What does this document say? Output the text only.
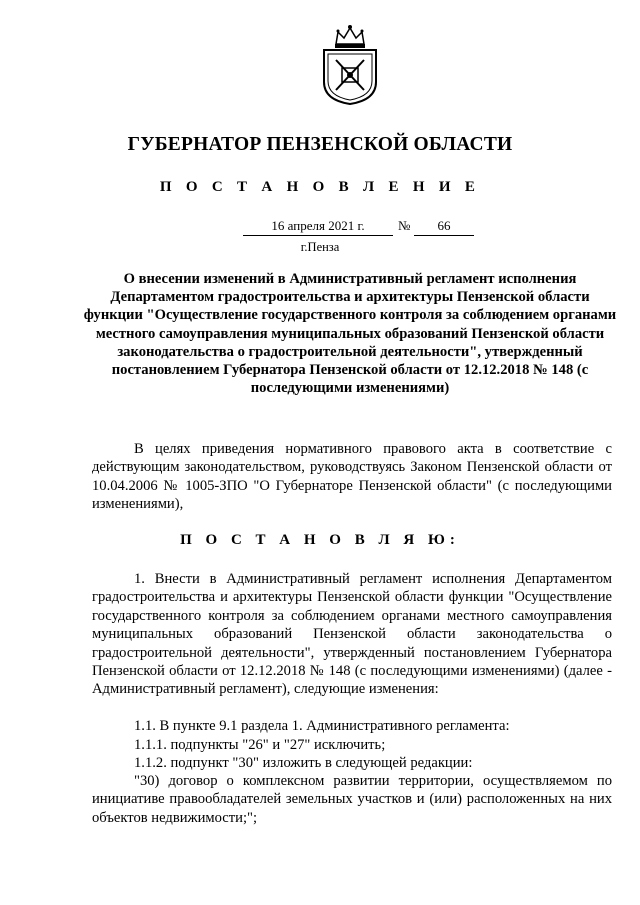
ГУБЕРНАТОР ПЕНЗЕНСКОЙ ОБЛАСТИ
П О С Т А Н О В Л Е Н И Е
16 апреля 2021 г.	№	66
г.Пенза
О внесении изменений в Административный регламент исполнения Департаментом градостроительства и архитектуры Пензенской области функции "Осуществление государственного контроля за соблюдением органами местного самоуправления муниципальных образований Пензенской области законодательства о градостроительной деятельности", утвержденный постановлением Губернатора Пензенской области от 12.12.2018 № 148 (с последующими изменениями)

В целях приведения нормативного правового акта в соответствие с действующим законодательством, руководствуясь Законом Пензенской области от 10.04.2006 № 1005-ЗПО "О Губернаторе Пензенской области" (с последующими изменениями),

П О С Т А Н О В Л Я Ю:

1. Внести в Административный регламент исполнения Департаментом градостроительства и архитектуры Пензенской области функции "Осуществление государственного контроля за соблюдением органами местного самоуправления муниципальных образований Пензенской области законодательства о градостроительной деятельности", утвержденный постановлением Губернатора Пензенской области от 12.12.2018 № 148 (с последующими изменениями) (далее - Административный регламент), следующие изменения:

1.1. В пункте 9.1 раздела 1. Административного регламента:

1.1.1. подпункты "26" и "27" исключить;

1.1.2. подпункт "30" изложить в следующей редакции:

"30) договор о комплексном развитии территории, осуществляемом по инициативе правообладателей земельных участков и (или) расположенных на них объектов недвижимости;";
